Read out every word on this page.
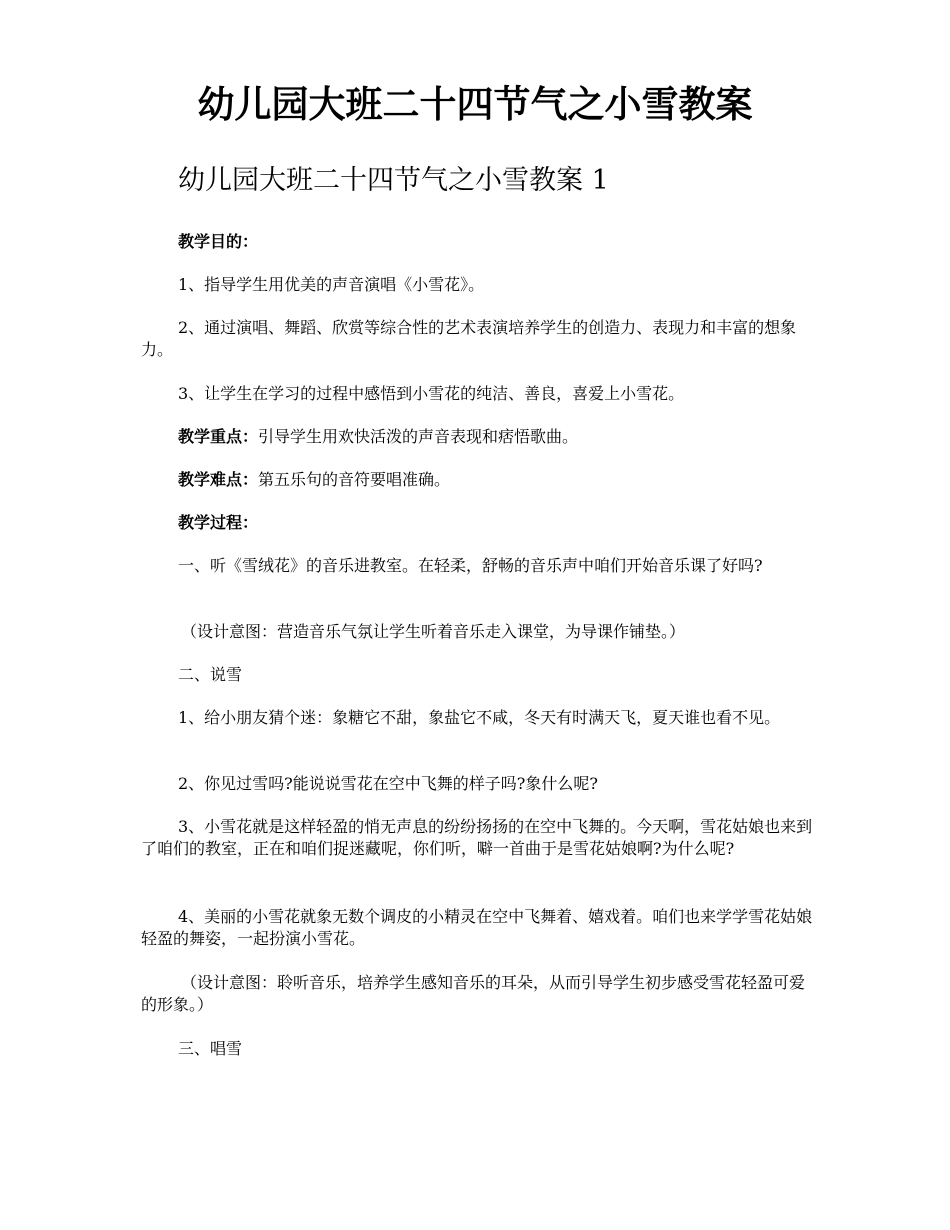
幼儿园大班二十四节气之小雪教案
幼儿园大班二十四节气之小雪教案 1

教学目的：

1、指导学生用优美的声音演唱《小雪花》。

2、通过演唱、舞蹈、欣赏等综合性的艺术表演培养学生的创造力、表现力和丰富的想象力。

3、让学生在学习的过程中感悟到小雪花的纯洁、善良，喜爱上小雪花。

教学重点：引导学生用欢快活泼的声音表现和痞悟歌曲。

教学难点：第五乐句的音符要唱准确。

教学过程：

一、听《雪绒花》的音乐进教室。在轻柔，舒畅的音乐声中咱们开始音乐课了好吗?

（设计意图：营造音乐气氛让学生听着音乐走入课堂，为导课作铺垫。）

二、说雪

1、给小朋友猜个迷：象糖它不甜，象盐它不咸，冬天有时满天飞，夏天谁也看不见。

2、你见过雪吗?能说说雪花在空中飞舞的样子吗?象什么呢?

3、小雪花就是这样轻盈的悄无声息的纷纷扬扬的在空中飞舞的。今天啊，雪花姑娘也来到了咱们的教室，正在和咱们捉迷藏呢，你们听，噼一首曲于是雪花姑娘啊?为什么呢?

4、美丽的小雪花就象无数个调皮的小精灵在空中飞舞着、嬉戏着。咱们也来学学雪花姑娘轻盈的舞姿，一起扮演小雪花。

（设计意图：聆听音乐，培养学生感知音乐的耳朵，从而引导学生初步感受雪花轻盈可爱的形象。）

三、唱雪
